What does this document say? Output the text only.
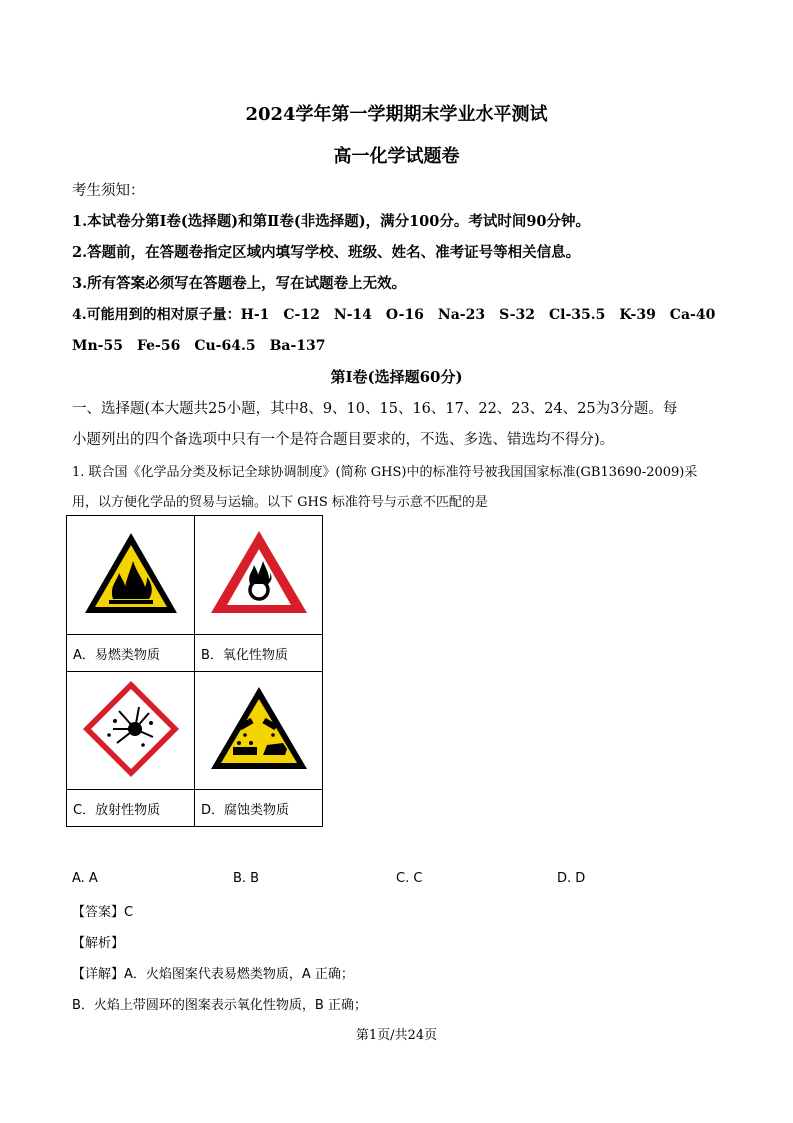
2024学年第一学期期末学业水平测试
高一化学试题卷
考生须知：
1.本试卷分第Ⅰ卷(选择题)和第Ⅱ卷(非选择题)，满分100分。考试时间90分钟。
2.答题前，在答题卷指定区域内填写学校、班级、姓名、准考证号等相关信息。
3.所有答案必须写在答题卷上，写在试题卷上无效。
4.可能用到的相对原子量：H-1　C-12　N-14　O-16　Na-23　S-32　Cl-35.5　K-39　Ca-40
Mn-55　Fe-56　Cu-64.5　Ba-137
第Ⅰ卷(选择题60分)
一、选择题(本大题共25小题，其中8、9、10、15、16、17、22、23、24、25为3分题。每
小题列出的四个备选项中只有一个是符合题目要求的，不选、多选、错选均不得分)。
1. 联合国《化学品分类及标记全球协调制度》(简称 GHS)中的标准符号被我国国家标准(GB13690-2009)采
用，以方便化学品的贸易与运输。以下 GHS 标准符号与示意不匹配的是

A．易燃类物质	B．氧化性物质

C．放射性物质	D．腐蚀类物质
A. A	B. B	C. C	D. D
【答案】C
【解析】
【详解】A．火焰图案代表易燃类物质，A 正确；
B．火焰上带圆环的图案表示氧化性物质，B 正确；
第1页/共24页
